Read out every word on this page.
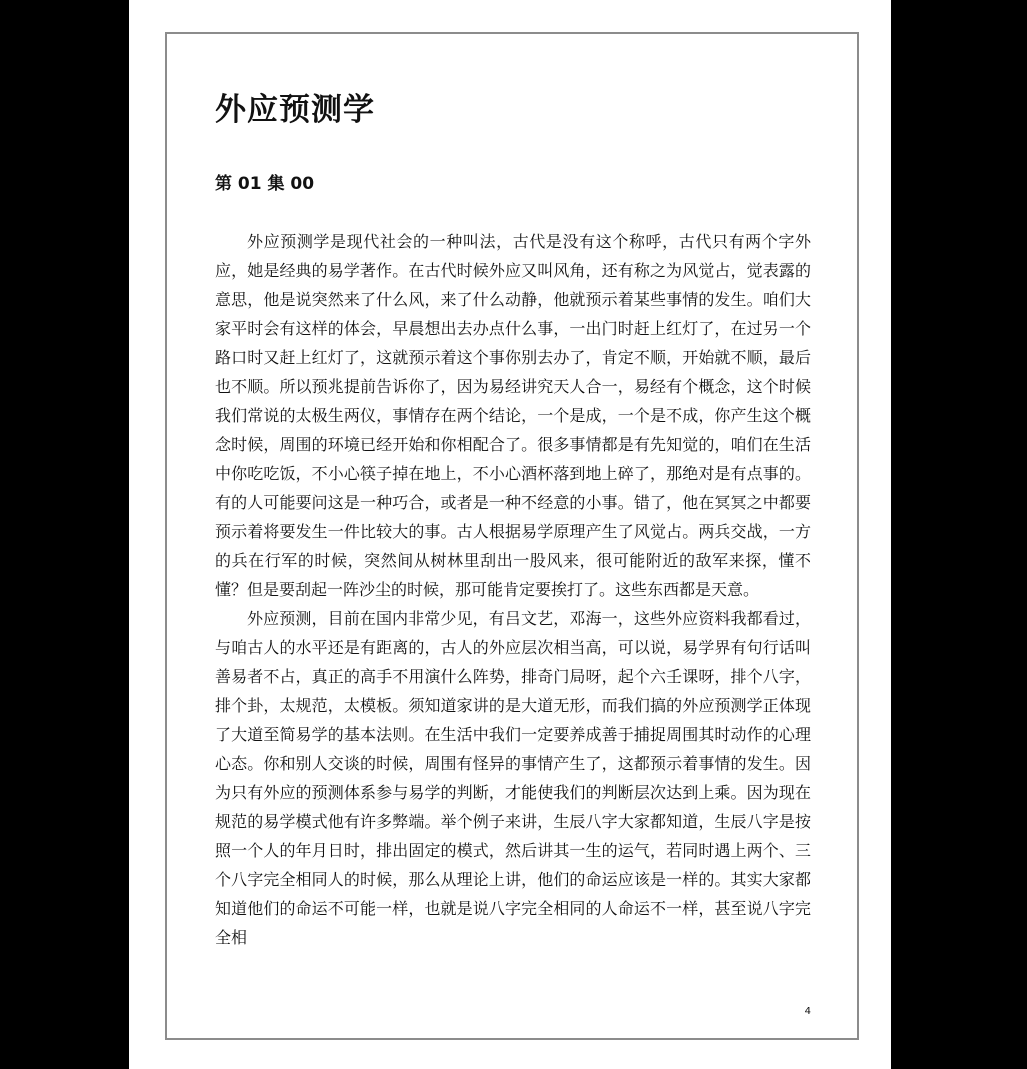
外应预测学
第 01 集 00

外应预测学是现代社会的一种叫法，古代是没有这个称呼，古代只有两个字外应，她是经典的易学著作。在古代时候外应又叫风角，还有称之为风觉占，觉表露的意思，他是说突然来了什么风，来了什么动静，他就预示着某些事情的发生。咱们大家平时会有这样的体会，早晨想出去办点什么事，一出门时赶上红灯了，在过另一个路口时又赶上红灯了，这就预示着这个事你别去办了，肯定不顺，开始就不顺，最后也不顺。所以预兆提前告诉你了，因为易经讲究天人合一，易经有个概念，这个时候我们常说的太极生两仪，事情存在两个结论，一个是成，一个是不成，你产生这个概念时候，周围的环境已经开始和你相配合了。很多事情都是有先知觉的，咱们在生活中你吃吃饭，不小心筷子掉在地上，不小心酒杯落到地上碎了，那绝对是有点事的。有的人可能要问这是一种巧合，或者是一种不经意的小事。错了，他在冥冥之中都要预示着将要发生一件比较大的事。古人根据易学原理产生了风觉占。两兵交战，一方的兵在行军的时候，突然间从树林里刮出一股风来，很可能附近的敌军来探，懂不懂？但是要刮起一阵沙尘的时候，那可能肯定要挨打了。这些东西都是天意。

外应预测，目前在国内非常少见，有吕文艺，邓海一，这些外应资料我都看过，与咱古人的水平还是有距离的，古人的外应层次相当高，可以说，易学界有句行话叫善易者不占，真正的高手不用演什么阵势，排奇门局呀，起个六壬课呀，排个八字，排个卦，太规范，太模板。须知道家讲的是大道无形，而我们搞的外应预测学正体现了大道至简易学的基本法则。在生活中我们一定要养成善于捕捉周围其时动作的心理心态。你和别人交谈的时候，周围有怪异的事情产生了，这都预示着事情的发生。因为只有外应的预测体系参与易学的判断，才能使我们的判断层次达到上乘。因为现在规范的易学模式他有许多弊端。举个例子来讲，生辰八字大家都知道，生辰八字是按照一个人的年月日时，排出固定的模式，然后讲其一生的运气，若同时遇上两个、三个八字完全相同人的时候，那么从理论上讲，他们的命运应该是一样的。其实大家都知道他们的命运不可能一样，也就是说八字完全相同的人命运不一样，甚至说八字完全相

4
